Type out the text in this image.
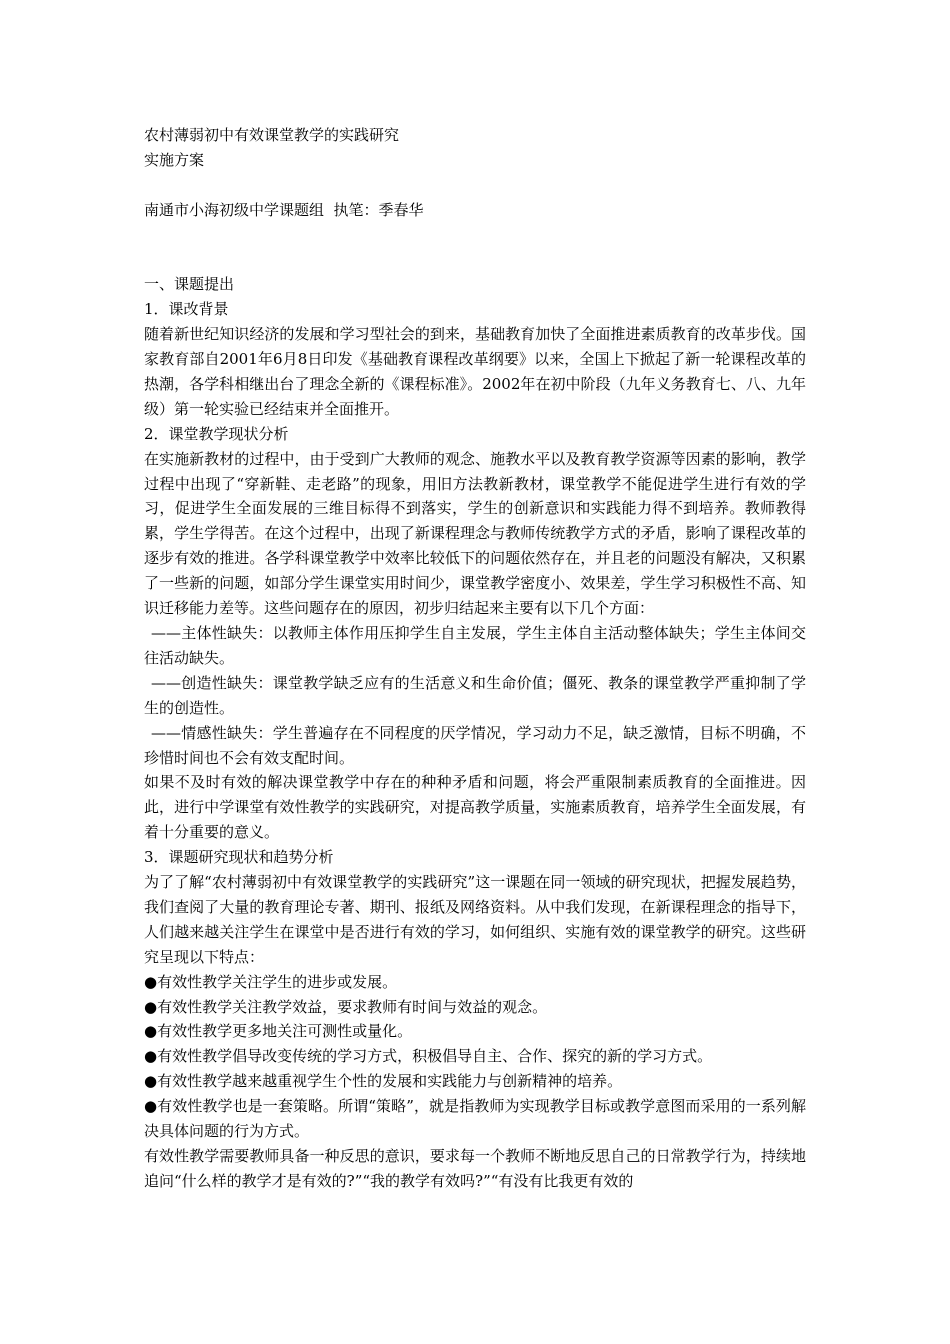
农村薄弱初中有效课堂教学的实践研究
实施方案
南通市小海初级中学课题组  执笔：季春华
一、课题提出
1．课改背景

随着新世纪知识经济的发展和学习型社会的到来，基础教育加快了全面推进素质教育的改革步伐。国家教育部自2001年6月8日印发《基础教育课程改革纲要》以来，全国上下掀起了新一轮课程改革的热潮，各学科相继出台了理念全新的《课程标准》。2002年在初中阶段（九年义务教育七、八、九年级）第一轮实验已经结束并全面推开。

2．课堂教学现状分析

在实施新教材的过程中，由于受到广大教师的观念、施教水平以及教育教学资源等因素的影响，教学过程中出现了“穿新鞋、走老路”的现象，用旧方法教新教材，课堂教学不能促进学生进行有效的学习，促进学生全面发展的三维目标得不到落实，学生的创新意识和实践能力得不到培养。教师教得累，学生学得苦。在这个过程中，出现了新课程理念与教师传统教学方式的矛盾，影响了课程改革的逐步有效的推进。各学科课堂教学中效率比较低下的问题依然存在，并且老的问题没有解决，又积累了一些新的问题，如部分学生课堂实用时间少，课堂教学密度小、效果差，学生学习积极性不高、知识迁移能力差等。这些问题存在的原因，初步归结起来主要有以下几个方面：

——主体性缺失：以教师主体作用压抑学生自主发展，学生主体自主活动整体缺失；学生主体间交往活动缺失。

——创造性缺失：课堂教学缺乏应有的生活意义和生命价值；僵死、教条的课堂教学严重抑制了学生的创造性。

——情感性缺失：学生普遍存在不同程度的厌学情况，学习动力不足，缺乏激情，目标不明确，不珍惜时间也不会有效支配时间。

如果不及时有效的解决课堂教学中存在的种种矛盾和问题，将会严重限制素质教育的全面推进。因此，进行中学课堂有效性教学的实践研究，对提高教学质量，实施素质教育，培养学生全面发展，有着十分重要的意义。

3．课题研究现状和趋势分析

为了了解“农村薄弱初中有效课堂教学的实践研究”这一课题在同一领域的研究现状，把握发展趋势，我们查阅了大量的教育理论专著、期刊、报纸及网络资料。从中我们发现，在新课程理念的指导下，人们越来越关注学生在课堂中是否进行有效的学习，如何组织、实施有效的课堂教学的研究。这些研究呈现以下特点：

●有效性教学关注学生的进步或发展。
●有效性教学关注教学效益，要求教师有时间与效益的观念。
●有效性教学更多地关注可测性或量化。
●有效性教学倡导改变传统的学习方式，积极倡导自主、合作、探究的新的学习方式。
●有效性教学越来越重视学生个性的发展和实践能力与创新精神的培养。
●有效性教学也是一套策略。所谓“策略”，就是指教师为实现教学目标或教学意图而采用的一系列解决具体问题的行为方式。

有效性教学需要教师具备一种反思的意识，要求每一个教师不断地反思自己的日常教学行为，持续地追问“什么样的教学才是有效的?”“我的教学有效吗?”“有没有比我更有效的
